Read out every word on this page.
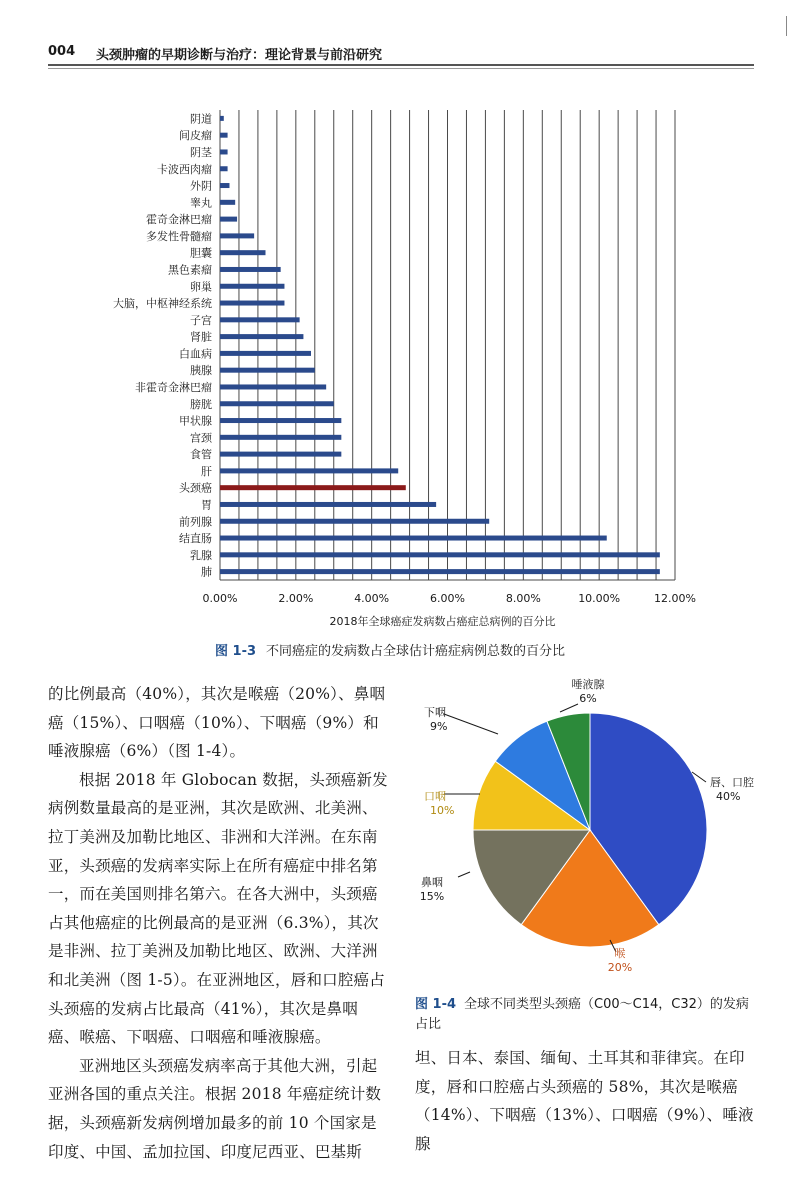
004 头颈肿瘤的早期诊断与治疗：理论背景与前沿研究
阴道
间皮瘤
阴茎
卡波西肉瘤
外阴
睾丸
霍奇金淋巴瘤
多发性骨髓瘤
胆囊
黑色素瘤
卵巢
大脑，中枢神经系统
子宫
肾脏
白血病
胰腺
非霍奇金淋巴瘤
膀胱
甲状腺
宫颈
食管
肝
头颈癌
胃
前列腺
结直肠
乳腺
肺
0.00%	2.00%	4.00%	6.00%	8.00%	10.00%	12.00%
2018年全球癌症发病数占癌症总病例的百分比
图 1-3 不同癌症的发病数占全球估计癌症病例总数的百分比

的比例最高（40%），其次是喉癌（20%）、鼻咽癌（15%）、口咽癌（10%）、下咽癌（9%）和唾液腺癌（6%）（图 1-4）。

根据 2018 年 Globocan 数据，头颈癌新发病例数量最高的是亚洲，其次是欧洲、北美洲、拉丁美洲及加勒比地区、非洲和大洋洲。在东南亚，头颈癌的发病率实际上在所有癌症中排名第一，而在美国则排名第六。在各大洲中，头颈癌占其他癌症的比例最高的是亚洲（6.3%），其次是非洲、拉丁美洲及加勒比地区、欧洲、大洋洲和北美洲（图 1-5）。在亚洲地区，唇和口腔癌占头颈癌的发病占比最高（41%），其次是鼻咽癌、喉癌、下咽癌、口咽癌和唾液腺癌。

亚洲地区头颈癌发病率高于其他大洲，引起亚洲各国的重点关注。根据 2018 年癌症统计数据，头颈癌新发病例增加最多的前 10 个国家是印度、中国、孟加拉国、印度尼西亚、巴基斯

唇、口腔
40%
喉
20%
鼻咽
15%
口咽
10%
下咽
9%
唾液腺
6%
图 1-4 全球不同类型头颈癌（C00～C14，C32）的发病占比

坦、日本、泰国、缅甸、土耳其和菲律宾。在印度，唇和口腔癌占头颈癌的 58%，其次是喉癌（14%）、下咽癌（13%）、口咽癌（9%）、唾液腺
